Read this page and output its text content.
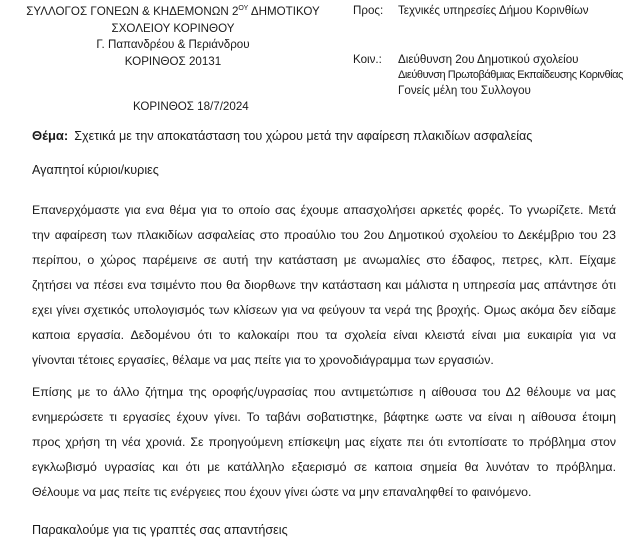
ΣΥΛΛΟΓΟΣ ΓΟΝΕΩΝ & ΚΗΔΕΜΟΝΩΝ $2^{O\Upsilon}$ ΔΗΜΟΤΙΚΟΥ
ΣΧΟΛΕΙΟΥ ΚΟΡΙΝΘΟΥ
Γ. Παπανδρέου & Περιάνδρου
ΚΟΡΙΝΘΟΣ 20131
Προς: Τεχνικές υπηρεσίες Δήμου Κορινθίων
Κοιν.: Διεύθυνση 2ου Δημοτικού σχολείου
Διεύθυνση Πρωτοβάθμιας Εκπαίδευσης Κορινθίας
Γονείς μέλη του Συλλογου
ΚΟΡΙΝΘΟΣ 18/7/2024
Θέμα: Σχετικά με την αποκατάσταση του χώρου μετά την αφαίρεση πλακιδίων ασφαλείας
Αγαπητοί κύριοι/κυριες
Επανερχόμαστε για ενα θέμα για το οποίο σας έχουμε απασχολήσει αρκετές φορές. Το γνωρίζετε. Μετά
την αφαίρεση των πλακιδίων ασφαλείας στο προαύλιο του 2ου Δημοτικού σχολείου το Δεκέμβριο του 23
περίπου, ο χώρος παρέμεινε σε αυτή την κατάσταση με ανωμαλίες στο έδαφος, πετρες, κλπ. Είχαμε
ζητήσει να πέσει ενα τσιμέντο που θα διορθωνε την κατάσταση και μάλιστα η υπηρεσία μας απάντησε ότι
εχει γίνει σχετικός υπολογισμός των κλίσεων για να φεύγουν τα νερά της βροχής. Ομως ακόμα δεν είδαμε
καποια εργασία. Δεδομένου ότι το καλοκαίρι που τα σχολεία είναι κλειστά είναι μια ευκαιρία για να
γίνονται τέτοιες εργασίες, θέλαμε να μας πείτε για το χρονοδιάγραμμα των εργασιών.
Επίσης με το άλλο ζήτημα της οροφής/υγρασίας που αντιμετώπισε η αίθουσα του Δ2 θέλουμε να μας
ενημερώσετε τι εργασίες έχουν γίνει. Το ταβάνι σοβατιστηκε, βάφτηκε ωστε να είναι η αίθουσα έτοιμη
προς χρήση τη νέα χρονιά. Σε προηγούμενη επίσκεψη μας είχατε πει ότι εντοπίσατε το πρόβλημα στον
εγκλωβισμό υγρασίας και ότι με κατάλληλο εξαερισμό σε καποια σημεία θα λυνόταν το πρόβλημα.
Θέλουμε να μας πείτε τις ενέργειες που έχουν γίνει ώστε να μην επαναληφθεί το φαινόμενο.
Παρακαλούμε για τις γραπτές σας απαντήσεις
